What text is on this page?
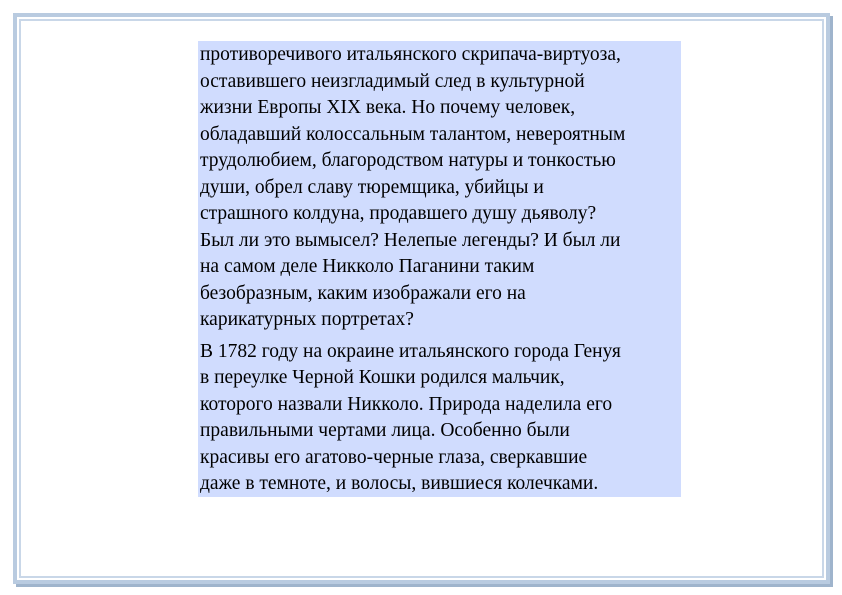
противоречивого итальянского скрипача-виртуоза,
оставившего неизгладимый след в культурной
жизни Европы XIX века. Но почему человек,
обладавший колоссальным талантом, невероятным
трудолюбием, благородством натуры и тонкостью
души, обрел славу тюремщика, убийцы и
страшного колдуна, продавшего душу дьяволу?
Был ли это вымысел? Нелепые легенды? И был ли
на самом деле Никколо Паганини таким
безобразным, каким изображали его на
карикатурных портретах?
В 1782 году на окраине итальянского города Генуя
в переулке Черной Кошки родился мальчик,
которого назвали Никколо. Природа наделила его
правильными чертами лица. Особенно были
красивы его агатово-черные глаза, сверкавшие
даже в темноте, и волосы, вившиеся колечками.
